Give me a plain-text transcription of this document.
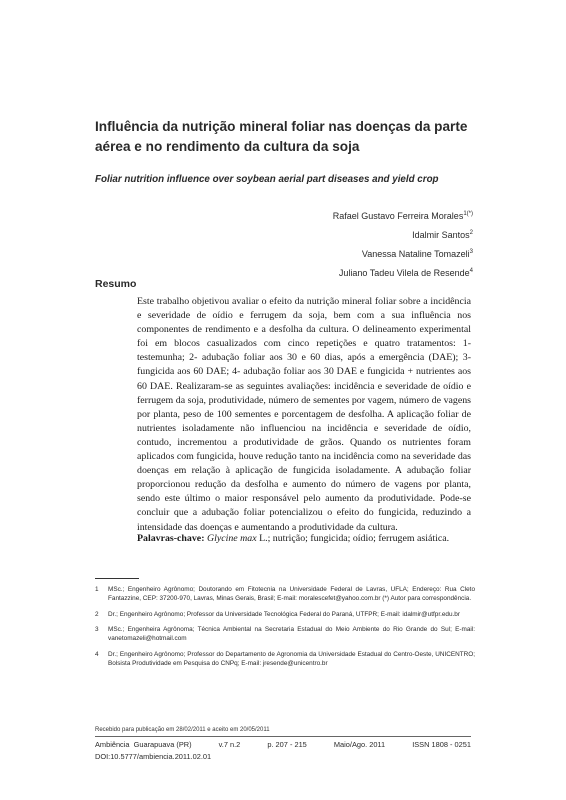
Influência da nutrição mineral foliar nas doenças da parte aérea e no rendimento da cultura da soja
Foliar nutrition influence over soybean aerial part diseases and yield crop
Rafael Gustavo Ferreira Morales$^{1(*)}$
Idalmir Santos$^2$
Vanessa Nataline Tomazeli$^3$
Juliano Tadeu Vilela de Resende$^4$
Resumo
Este trabalho objetivou avaliar o efeito da nutrição mineral foliar sobre a incidência e severidade de oídio e ferrugem da soja, bem com a sua influência nos componentes de rendimento e a desfolha da cultura. O delineamento experimental foi em blocos casualizados com cinco repetições e quatro tratamentos: 1- testemunha; 2- adubação foliar aos 30 e 60 dias, após a emergência (DAE); 3- fungicida aos 60 DAE; 4- adubação foliar aos 30 DAE e fungicida + nutrientes aos 60 DAE. Realizaram-se as seguintes avaliações: incidência e severidade de oídio e ferrugem da soja, produtividade, número de sementes por vagem, número de vagens por planta, peso de 100 sementes e porcentagem de desfolha. A aplicação foliar de nutrientes isoladamente não influenciou na incidência e severidade de oídio, contudo, incrementou a produtividade de grãos. Quando os nutrientes foram aplicados com fungicida, houve redução tanto na incidência como na severidade das doenças em relação à aplicação de fungicida isoladamente. A adubação foliar proporcionou redução da desfolha e aumento do número de vagens por planta, sendo este último o maior responsável pelo aumento da produtividade. Pode-se concluir que a adubação foliar potencializou o efeito do fungicida, reduzindo a intensidade das doenças e aumentando a produtividade da cultura.
Palavras-chave: Glycine max L.; nutrição; fungicida; oídio; ferrugem asiática.
1	MSc.; Engenheiro Agrônomo; Doutorando em Fitotecnia na Universidade Federal de Lavras, UFLA; Endereço: Rua Cleto Fantazzine, CEP: 37200-970, Lavras, Minas Gerais, Brasil; E-mail: moralescefet@yahoo.com.br (*) Autor para correspondência.
2	Dr.; Engenheiro Agrônomo; Professor da Universidade Tecnológica Federal do Paraná, UTFPR; E-mail: idalmir@utfpr.edu.br
3	MSc.; Engenheira Agrônoma; Técnica Ambiental na Secretaria Estadual do Meio Ambiente do Rio Grande do Sul; E-mail: vanetomazeli@hotmail.com
4	Dr.; Engenheiro Agrônomo; Professor do Departamento de Agronomia da Universidade Estadual do Centro-Oeste, UNICENTRO; Bolsista Produtividade em Pesquisa do CNPq; E-mail: jresende@unicentro.br
Recebido para publicação em 28/02/2011 e aceito em 20/05/2011
Ambiência Guarapuava (PR)	v.7 n.2	p. 207 - 215	Maio/Ago. 2011	ISSN 1808 - 0251
DOI:10.5777/ambiencia.2011.02.01
